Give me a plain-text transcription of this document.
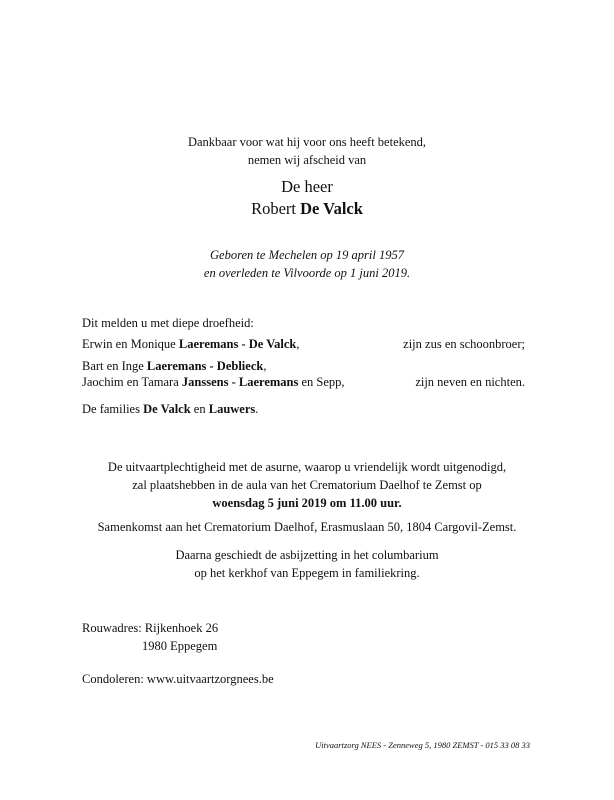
Dankbaar voor wat hij voor ons heeft betekend,
nemen wij afscheid van
De heer
Robert De Valck
Geboren te Mechelen op 19 april 1957
en overleden te Vilvoorde op 1 juni 2019.
Dit melden u met diepe droefheid:
Erwin en Monique Laeremans - De Valck,	zijn zus en schoonbroer;
Bart en Inge Laeremans - Deblieck,
Jaochim en Tamara Janssens - Laeremans en Sepp,	zijn neven en nichten.
De families De Valck en Lauwers.
De uitvaartplechtigheid met de asurne, waarop u vriendelijk wordt uitgenodigd,
zal plaatshebben in de aula van het Crematorium Daelhof te Zemst op
woensdag 5 juni 2019 om 11.00 uur.
Samenkomst aan het Crematorium Daelhof, Erasmuslaan 50, 1804 Cargovil-Zemst.
Daarna geschiedt de asbijzetting in het columbarium
op het kerkhof van Eppegem in familiekring.
Rouwadres: Rijkenhoek 26
1980 Eppegem
Condoleren: www.uitvaartzorgnees.be
Uitvaartzorg NEES - Zenneweg 5, 1980 ZEMST - 015 33 08 33
